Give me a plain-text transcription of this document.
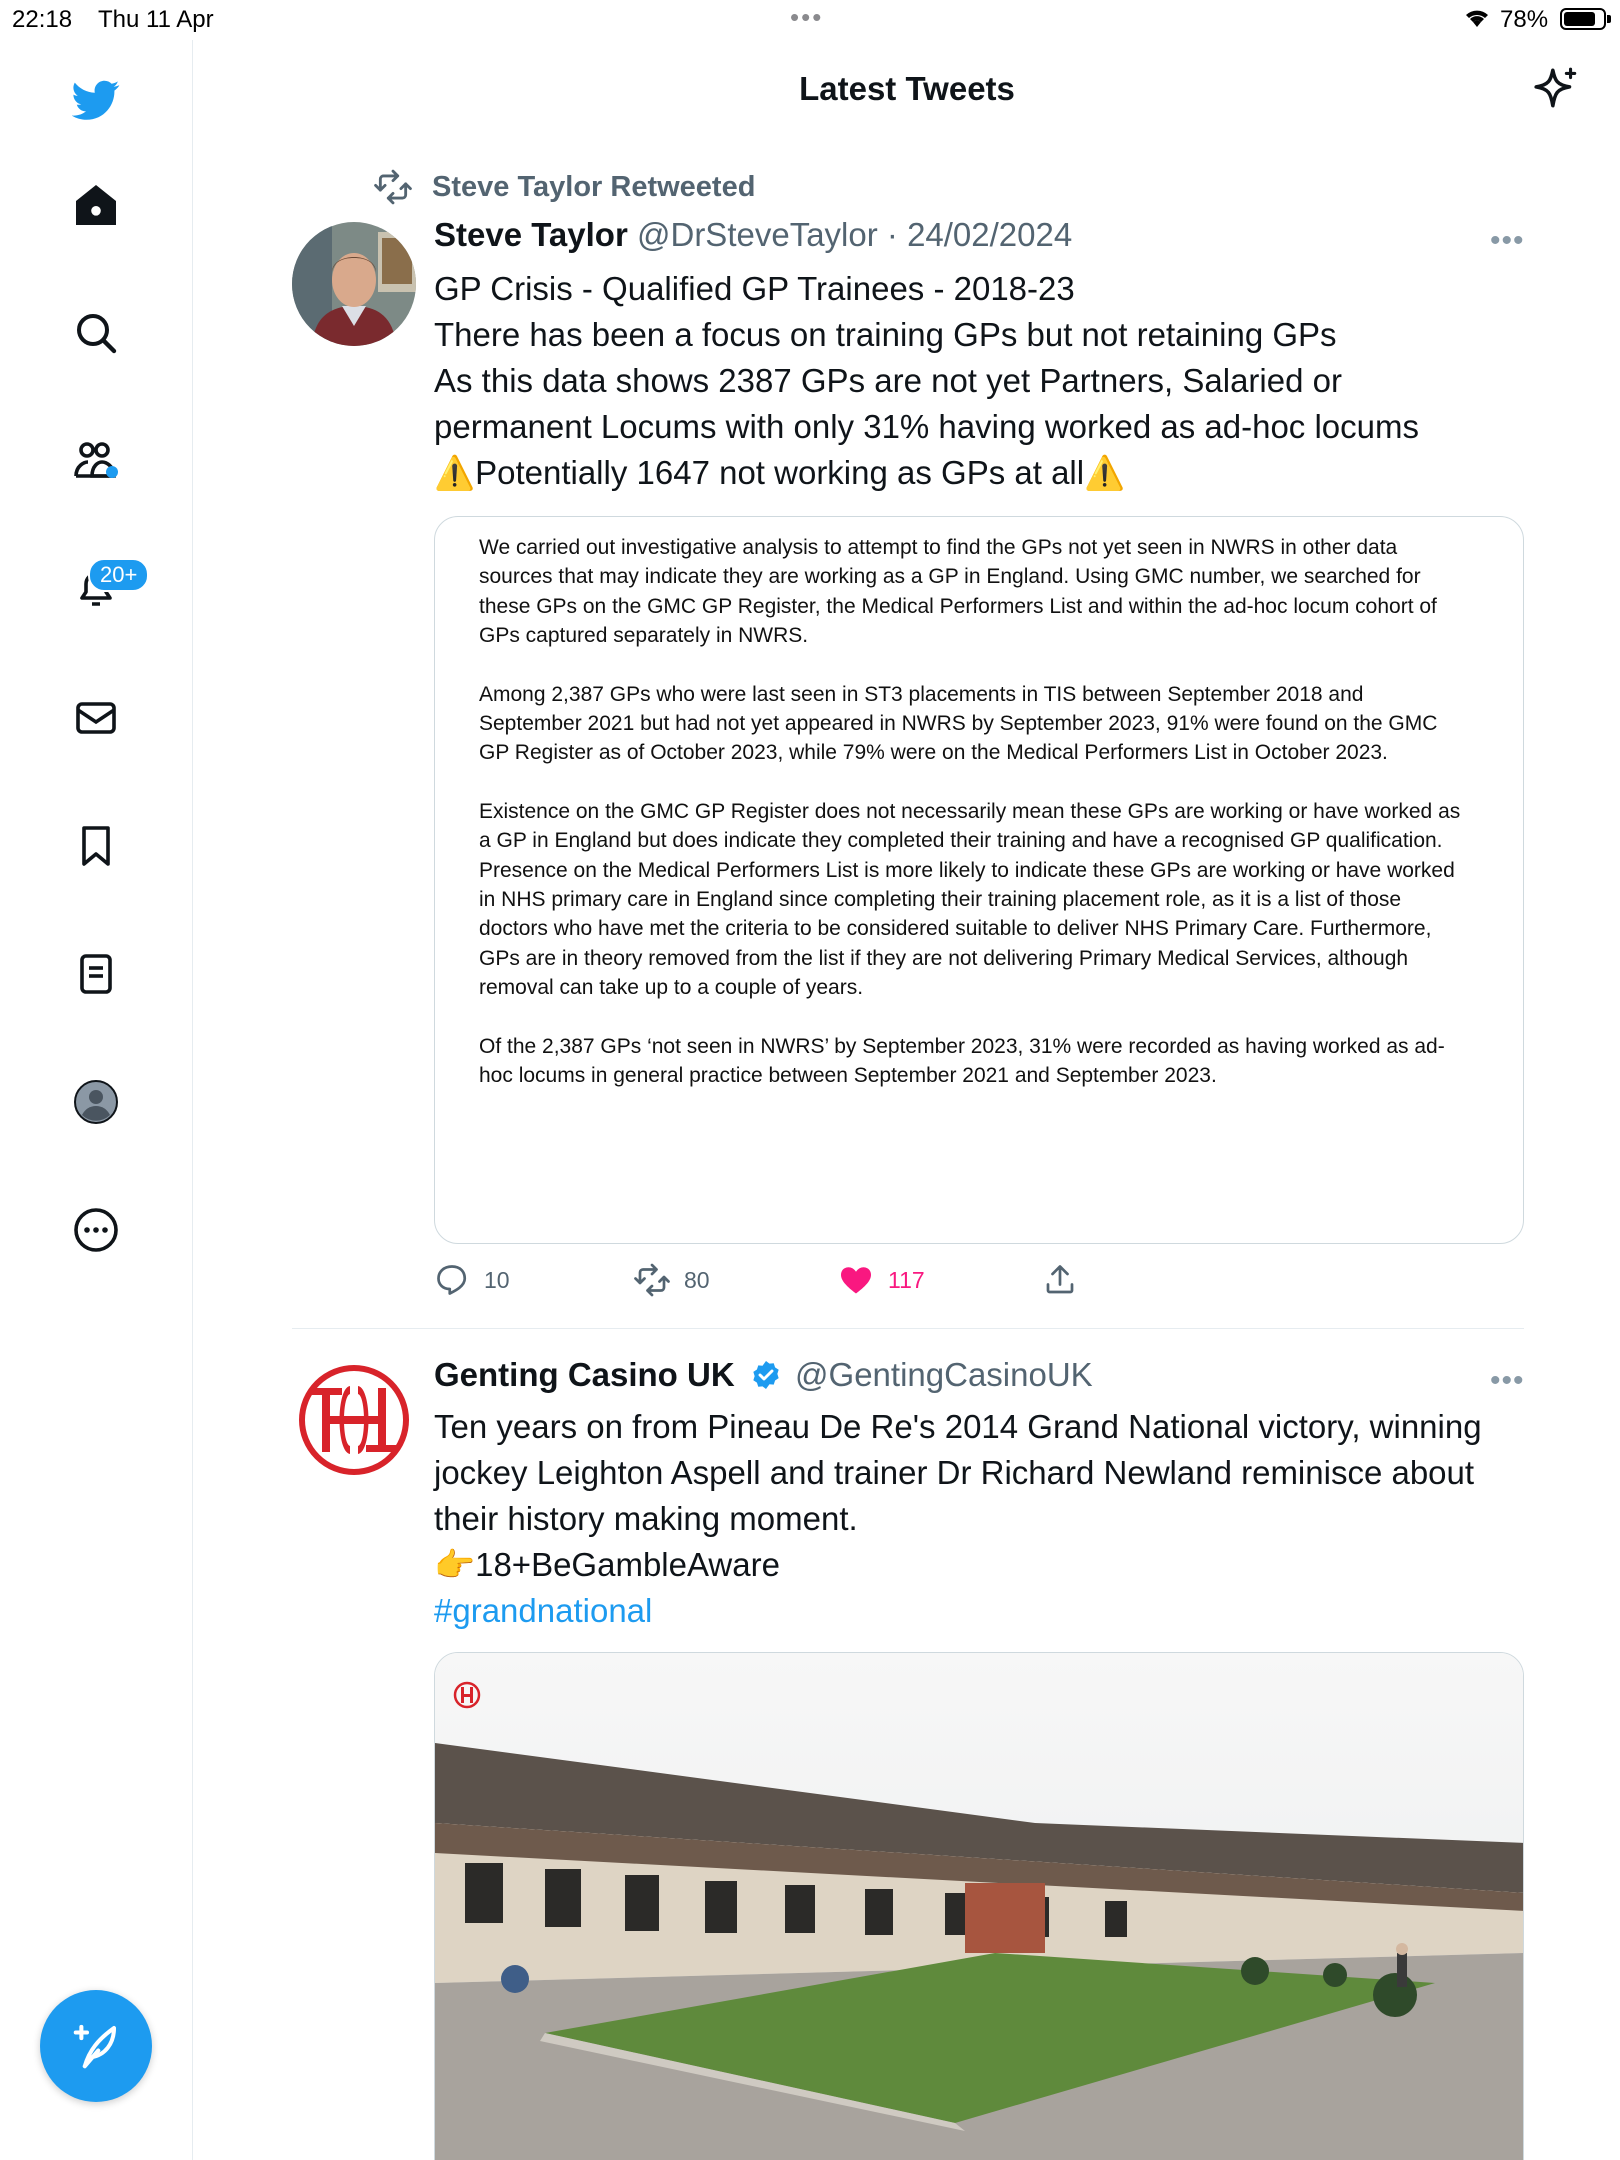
22:18 Thu 11 Apr	•••	78%
20+
Latest Tweets
Steve Taylor Retweeted
Steve Taylor @DrSteveTaylor · 24/02/2024	•••
GP Crisis - Qualified GP Trainees - 2018-23
There has been a focus on training GPs but not retaining GPs
As this data shows 2387 GPs are not yet Partners, Salaried or
permanent Locums with only 31% having worked as ad-hoc locums
⚠️Potentially 1647 not working as GPs at all⚠️

We carried out investigative analysis to attempt to find the GPs not yet seen in NWRS in other data sources that may indicate they are working as a GP in England. Using GMC number, we searched for these GPs on the GMC GP Register, the Medical Performers List and within the ad-hoc locum cohort of GPs captured separately in NWRS.

Among 2,387 GPs who were last seen in ST3 placements in TIS between September 2018 and September 2021 but had not yet appeared in NWRS by September 2023, 91% were found on the GMC GP Register as of October 2023, while 79% were on the Medical Performers List in October 2023.

Existence on the GMC GP Register does not necessarily mean these GPs are working or have worked as a GP in England but does indicate they completed their training and have a recognised GP qualification. Presence on the Medical Performers List is more likely to indicate these GPs are working or have worked in NHS primary care in England since completing their training placement role, as it is a list of those doctors who have met the criteria to be considered suitable to deliver NHS Primary Care. Furthermore, GPs are in theory removed from the list if they are not delivering Primary Medical Services, although removal can take up to a couple of years.

Of the 2,387 GPs ‘not seen in NWRS’ by September 2023, 31% were recorded as having worked as ad-hoc locums in general practice between September 2021 and September 2023.

10	80	117
Genting Casino UK @GentingCasinoUK	•••
Ten years on from Pineau De Re's 2014 Grand National victory, winning
jockey Leighton Aspell and trainer Dr Richard Newland reminisce about
their history making moment.
👉18+BeGambleAware
#grandnational
